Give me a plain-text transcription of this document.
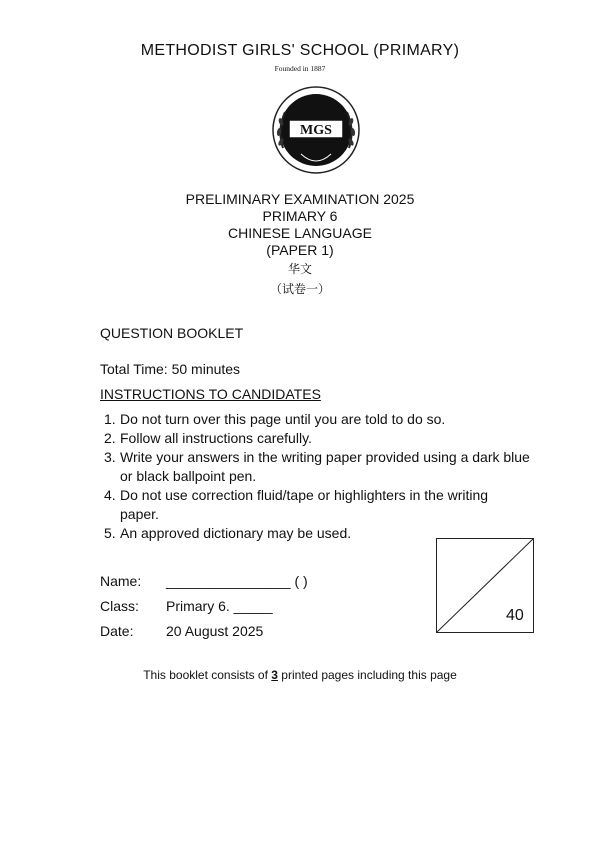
METHODIST GIRLS' SCHOOL (PRIMARY)
Founded in 1887
MGS
PRELIMINARY EXAMINATION 2025
PRIMARY 6
CHINESE LANGUAGE
(PAPER 1)
华文
（试卷一）
QUESTION BOOKLET
Total Time: 50 minutes
INSTRUCTIONS TO CANDIDATES
1. Do not turn over this page until you are told to do so.
2. Follow all instructions carefully.
3. Write your answers in the writing paper provided using a dark blue or black ballpoint pen.
4. Do not use correction fluid/tape or highlighters in the writing paper.
5. An approved dictionary may be used.
Name: ________________ ( )
Class: Primary 6. _____
Date: 20 August 2025
40
This booklet consists of 3 printed pages including this page
